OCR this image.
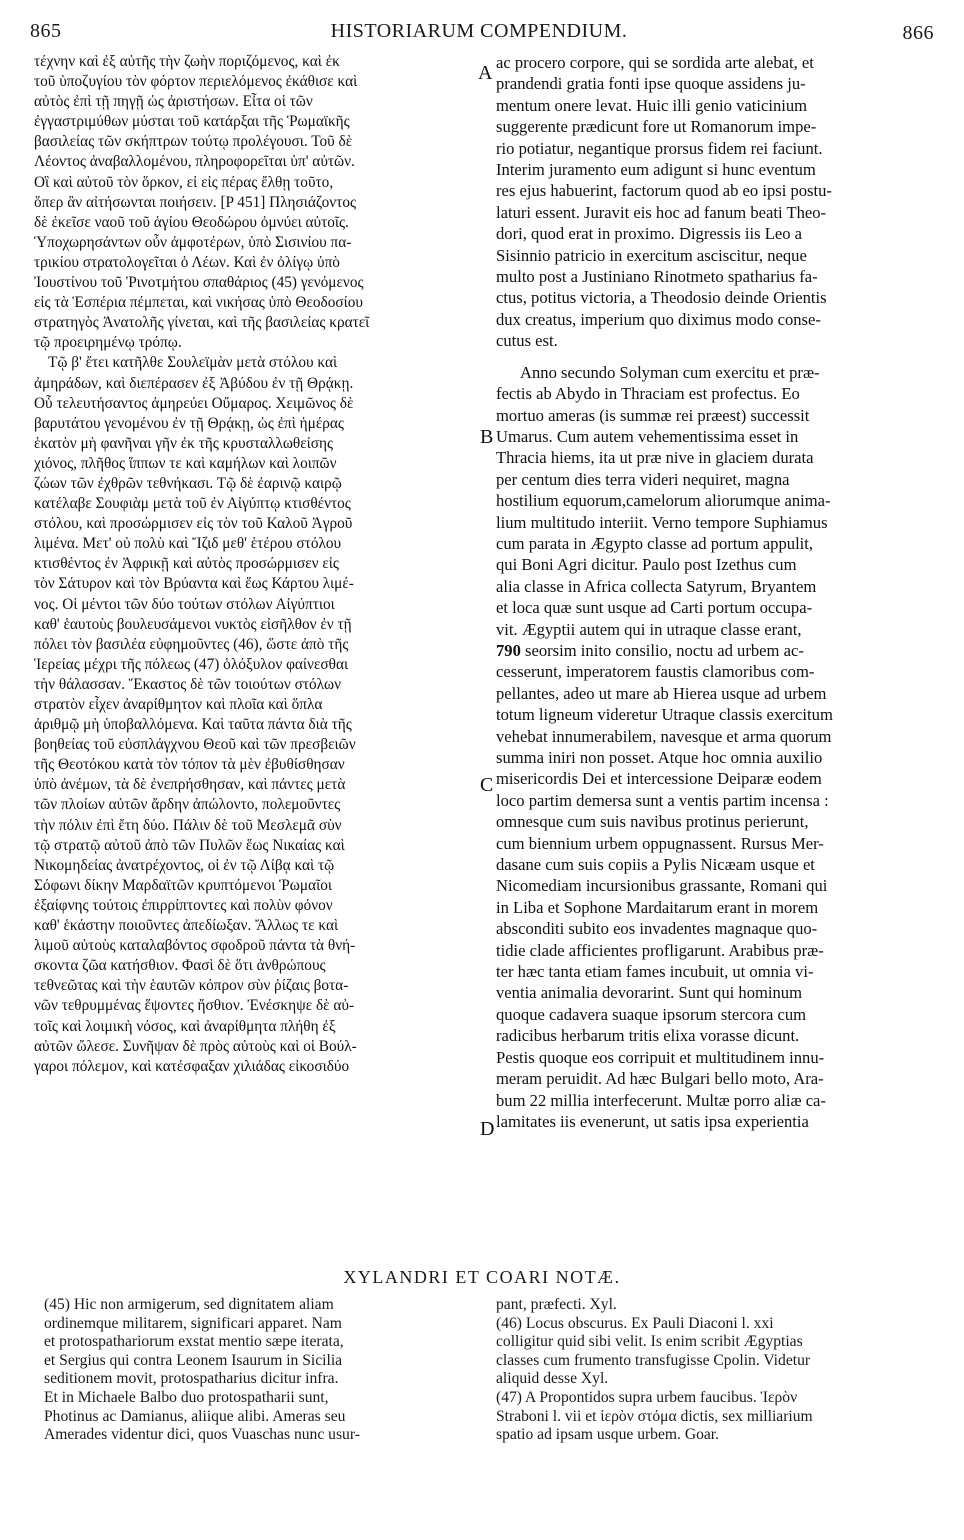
865	HISTORIARUM COMPENDIUM.	866

τέχνην καὶ ἐξ αὐτῆς τὴν ζωὴν ποριζόμενος, καὶ ἐκ
τοῦ ὑποζυγίου τὸν φόρτον περιελόμενος ἐκάθισε καὶ
αὐτὸς ἐπὶ τῇ πηγῇ ὡς ἀριστήσων. Εἶτα οἱ τῶν
ἐγγαστριμύθων μύσται τοῦ κατάρξαι τῆς Ῥωμαϊκῆς
βασιλείας τῶν σκήπτρων τούτῳ προλέγουσι. Τοῦ δὲ
Λέοντος ἀναβαλλομένου, πληροφορεῖται ὑπ' αὐτῶν.
Οἳ καὶ αὐτοῦ τὸν ὅρκον, εἰ εἰς πέρας ἔλθῃ τοῦτο,
ὅπερ ἂν αἰτήσωνται ποιήσειν. [P 451] Πλησιάζοντος
δὲ ἐκεῖσε ναοῦ τοῦ ἁγίου Θεοδώρου ὀμνύει αὐτοῖς.
Ὑποχωρησάντων οὖν ἀμφοτέρων, ὑπὸ Σισινίου πα-
τρικίου στρατολογεῖται ὁ Λέων. Καὶ ἐν ὀλίγῳ ὑπὸ
Ἰουστίνου τοῦ Ῥινοτμήτου σπαθάριος (45) γενόμενος
εἰς τὰ Ἑσπέρια πέμπεται, καὶ νικήσας ὑπὸ Θεοδοσίου
στρατηγὸς Ἀνατολῆς γίνεται, καὶ τῆς βασιλείας κρατεῖ
τῷ προειρημένῳ τρόπῳ.

Τῷ β' ἔτει κατῆλθε Σουλεϊμὰν μετὰ στόλου καὶ
ἀμηράδων, καὶ διεπέρασεν ἐξ Ἀβύδου ἐν τῇ Θρᾴκῃ.
Οὗ τελευτήσαντος ἀμηρεύει Οὔμαρος. Χειμῶνος δὲ
βαρυτάτου γενομένου ἐν τῇ Θρᾴκῃ, ὡς ἐπὶ ἡμέρας
ἑκατὸν μὴ φανῆναι γῆν ἐκ τῆς κρυσταλλωθείσης
χιόνος, πλῆθος ἵππων τε καὶ καμήλων καὶ λοιπῶν
ζώων τῶν ἐχθρῶν τεθνήκασι. Τῷ δὲ ἐαρινῷ καιρῷ
κατέλαβε Σουφιὰμ μετὰ τοῦ ἐν Αἰγύπτῳ κτισθέντος
στόλου, καὶ προσώρμισεν εἰς τὸν τοῦ Καλοῦ Ἀγροῦ
λιμένα. Μετ' οὐ πολὺ καὶ Ἴζιδ μεθ' ἑτέρου στόλου
κτισθέντος ἐν Ἀφρικῇ καὶ αὐτὸς προσώρμισεν εἰς
τὸν Σάτυρον καὶ τὸν Βρύαντα καὶ ἕως Κάρτου λιμέ-
νος. Οἱ μέντοι τῶν δύο τούτων στόλων Αἰγύπτιοι
καθ' ἑαυτοὺς βουλευσάμενοι νυκτὸς εἰσῆλθον ἐν τῇ
πόλει τὸν βασιλέα εὐφημοῦντες (46), ὥστε ἀπὸ τῆς
Ἱερείας μέχρι τῆς πόλεως (47) ὁλόξυλον φαίνεσθαι
τὴν θάλασσαν. Ἕκαστος δὲ τῶν τοιούτων στόλων
στρατὸν εἶχεν ἀναρίθμητον καὶ πλοῖα καὶ ὅπλα
ἀριθμῷ μὴ ὑποβαλλόμενα. Καὶ ταῦτα πάντα διὰ τῆς
βοηθείας τοῦ εὐσπλάγχνου Θεοῦ καὶ τῶν πρεσβειῶν
τῆς Θεοτόκου κατὰ τὸν τόπον τὰ μὲν ἐβυθίσθησαν
ὑπὸ ἀνέμων, τὰ δὲ ἐνεπρήσθησαν, καὶ πάντες μετὰ
τῶν πλοίων αὐτῶν ἄρδην ἀπώλοντο, πολεμοῦντες
τὴν πόλιν ἐπὶ ἔτη δύο. Πάλιν δὲ τοῦ Μεσλεμᾶ σὺν
τῷ στρατῷ αὐτοῦ ἀπὸ τῶν Πυλῶν ἕως Νικαίας καὶ
Νικομηδείας ἀνατρέχοντος, οἱ ἐν τῷ Λίβᾳ καὶ τῷ
Σόφωνι δίκην Μαρδαϊτῶν κρυπτόμενοι Ῥωμαῖοι
ἐξαίφνης τούτοις ἐπιρρίπτοντες καὶ πολὺν φόνον
καθ' ἑκάστην ποιοῦντες ἀπεδίωξαν. Ἄλλως τε καὶ
λιμοῦ αὐτοὺς καταλαβόντος σφοδροῦ πάντα τὰ θνή-
σκοντα ζῶα κατήσθιον. Φασὶ δὲ ὅτι ἀνθρώπους
τεθνεῶτας καὶ τὴν ἑαυτῶν κόπρον σὺν ῥίζαις βοτα-
νῶν τεθρυμμένας ἕψοντες ἤσθιον. Ἐνέσκηψε δὲ αὐ-
τοῖς καὶ λοιμικὴ νόσος, καὶ ἀναρίθμητα πλήθη ἐξ
αὐτῶν ὤλεσε. Συνῆψαν δὲ πρὸς αὐτοὺς καὶ οἱ Βούλ-
γαροι πόλεμον, καὶ κατέσφαξαν χιλιάδας εἰκοσιδύο

A
B
C
D

ac procero corpore, qui se sordida arte alebat, et
prandendi gratia fonti ipse quoque assidens ju-
mentum onere levat. Huic illi genio vaticinium
suggerente prædicunt fore ut Romanorum impe-
rio potiatur, negantique prorsus fidem rei faciunt.
Interim juramento eum adigunt si hunc eventum
res ejus habuerint, factorum quod ab eo ipsi postu-
laturi essent. Juravit eis hoc ad fanum beati Theo-
dori, quod erat in proximo. Digressis iis Leo a
Sisinnio patricio in exercitum asciscitur, neque
multo post a Justiniano Rinotmeto spatharius fa-
ctus, potitus victoria, a Theodosio deinde Orientis
dux creatus, imperium quo diximus modo conse-
cutus est.

Anno secundo Solyman cum exercitu et præ-
fectis ab Abydo in Thraciam est profectus. Eo
mortuo ameras (is summæ rei præest) successit
Umarus. Cum autem vehementissima esset in
Thracia hiems, ita ut præ nive in glaciem durata
per centum dies terra videri nequiret, magna
hostilium equorum,camelorum aliorumque anima-
lium multitudo interiit. Verno tempore Suphiamus
cum parata in Ægypto classe ad portum appulit,
qui Boni Agri dicitur. Paulo post Izethus cum
alia classe in Africa collecta Satyrum, Bryantem
et loca quæ sunt usque ad Carti portum occupa-
vit. Ægyptii autem qui in utraque classe erant,
790 seorsim inito consilio, noctu ad urbem ac-
cesserunt, imperatorem faustis clamoribus com-
pellantes, adeo ut mare ab Hierea usque ad urbem
totum ligneum videretur Utraque classis exercitum
vehebat innumerabilem, navesque et arma quorum
summa iniri non posset. Atque hoc omnia auxilio
misericordis Dei et intercessione Deiparæ eodem
loco partim demersa sunt a ventis partim incensa :
omnesque cum suis navibus protinus perierunt,
cum biennium urbem oppugnassent. Rursus Mer-
dasane cum suis copiis a Pylis Nicæam usque et
Nicomediam incursionibus grassante, Romani qui
in Liba et Sophone Mardaitarum erant in morem
absconditi subito eos invadentes magnaque quo-
tidie clade afficientes profligarunt. Arabibus præ-
ter hæc tanta etiam fames incubuit, ut omnia vi-
ventia animalia devorarint. Sunt qui hominum
quoque cadavera suaque ipsorum stercora cum
radicibus herbarum tritis elixa vorasse dicunt.
Pestis quoque eos corripuit et multitudinem innu-
meram peruidit. Ad hæc Bulgari bello moto, Ara-
bum 22 millia interfecerunt. Multæ porro aliæ ca-
lamitates iis evenerunt, ut satis ipsa experientia

XYLANDRI ET COARI NOTÆ.

(45) Hic non armigerum, sed dignitatem aliam
ordinemque militarem, significari apparet. Nam
et protospathariorum exstat mentio sæpe iterata,
et Sergius qui contra Leonem Isaurum in Sicilia
seditionem movit, protospatharius dicitur infra.
Et in Michaele Balbo duo protospatharii sunt,
Photinus ac Damianus, aliique alibi. Ameras seu
Amerades videntur dici, quos Vuaschas nunc usur-

pant, præfecti. Xyl.

(46) Locus obscurus. Ex Pauli Diaconi l. xxi
colligitur quid sibi velit. Is enim scribit Ægyptias
classes cum frumento transfugisse Cpolin. Videtur
aliquid desse Xyl.

(47) A Propontidos supra urbem faucibus. Ἱερὸν
Straboni l. vii et ἱερὸν στόμα dictis, sex milliarium
spatio ad ipsam usque urbem. Goar.
